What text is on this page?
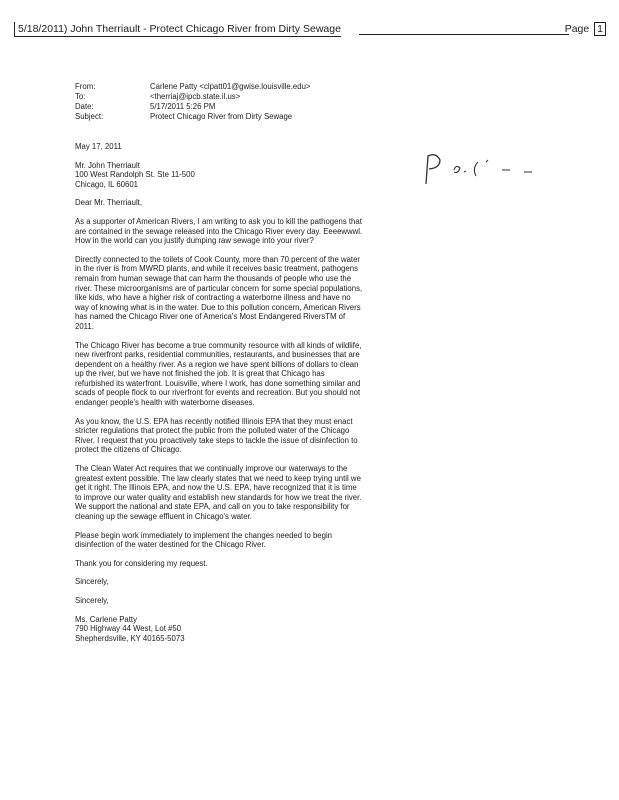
5/18/2011) John Therriault - Protect Chicago River from Dirty Sewage	Page 1
From:	Carlene Patty <clpatt01@gwise.louisville.edu>
To:	<therriaj@ipcb.state.il.us>
Date:	5/17/2011 5:26 PM
Subject:	Protect Chicago River from Dirty Sewage

May 17, 2011

Mr. John Therriault
100 West Randolph St. Ste 11-500
Chicago, IL 60601

Dear Mr. Therriault,

As a supporter of American Rivers, I am writing to ask you to kill the pathogens that are contained in the sewage released into the Chicago River every day. Eeeewwwl. How in the world can you justify dumping raw sewage into your river?

Directly connected to the toilets of Cook County, more than 70 percent of the water in the river is from MWRD plants, and while it receives basic treatment, pathogens remain from human sewage that can harm the thousands of people who use the river. These microorganisms are of particular concern for some special populations, like kids, who have a higher risk of contracting a waterborne illness and have no way of knowing what is in the water. Due to this pollution concern, American Rivers has named the Chicago River one of America's Most Endangered RiversTM of 2011.

The Chicago River has become a true community resource with all kinds of wildlife, new riverfront parks, residential communities, restaurants, and businesses that are dependent on a healthy river. As a region we have spent billions of dollars to clean up the river, but we have not finished the job. It is great that Chicago has refurbished its waterfront. Louisville, where I work, has done something similar and scads of people flock to our riverfront for events and recreation. But you should not endanger people's health with waterborne diseases.

As you know, the U.S. EPA has recently notified Illinois EPA that they must enact stricter regulations that protect the public from the polluted water of the Chicago River. I request that you proactively take steps to tackle the issue of disinfection to protect the citizens of Chicago.

The Clean Water Act requires that we continually improve our waterways to the greatest extent possible. The law clearly states that we need to keep trying until we get it right. The Illinois EPA, and now the U.S. EPA, have recognized that it is time to improve our water quality and establish new standards for how we treat the river. We support the national and state EPA, and call on you to take responsibility for cleaning up the sewage effluent in Chicago's water.

Please begin work immediately to implement the changes needed to begin disinfection of the water destined for the Chicago River.

Thank you for considering my request.

Sincerely,

Sincerely,

Ms. Carlene Patty
790 Highway 44 West, Lot #50
Shepherdsville, KY 40165-5073
